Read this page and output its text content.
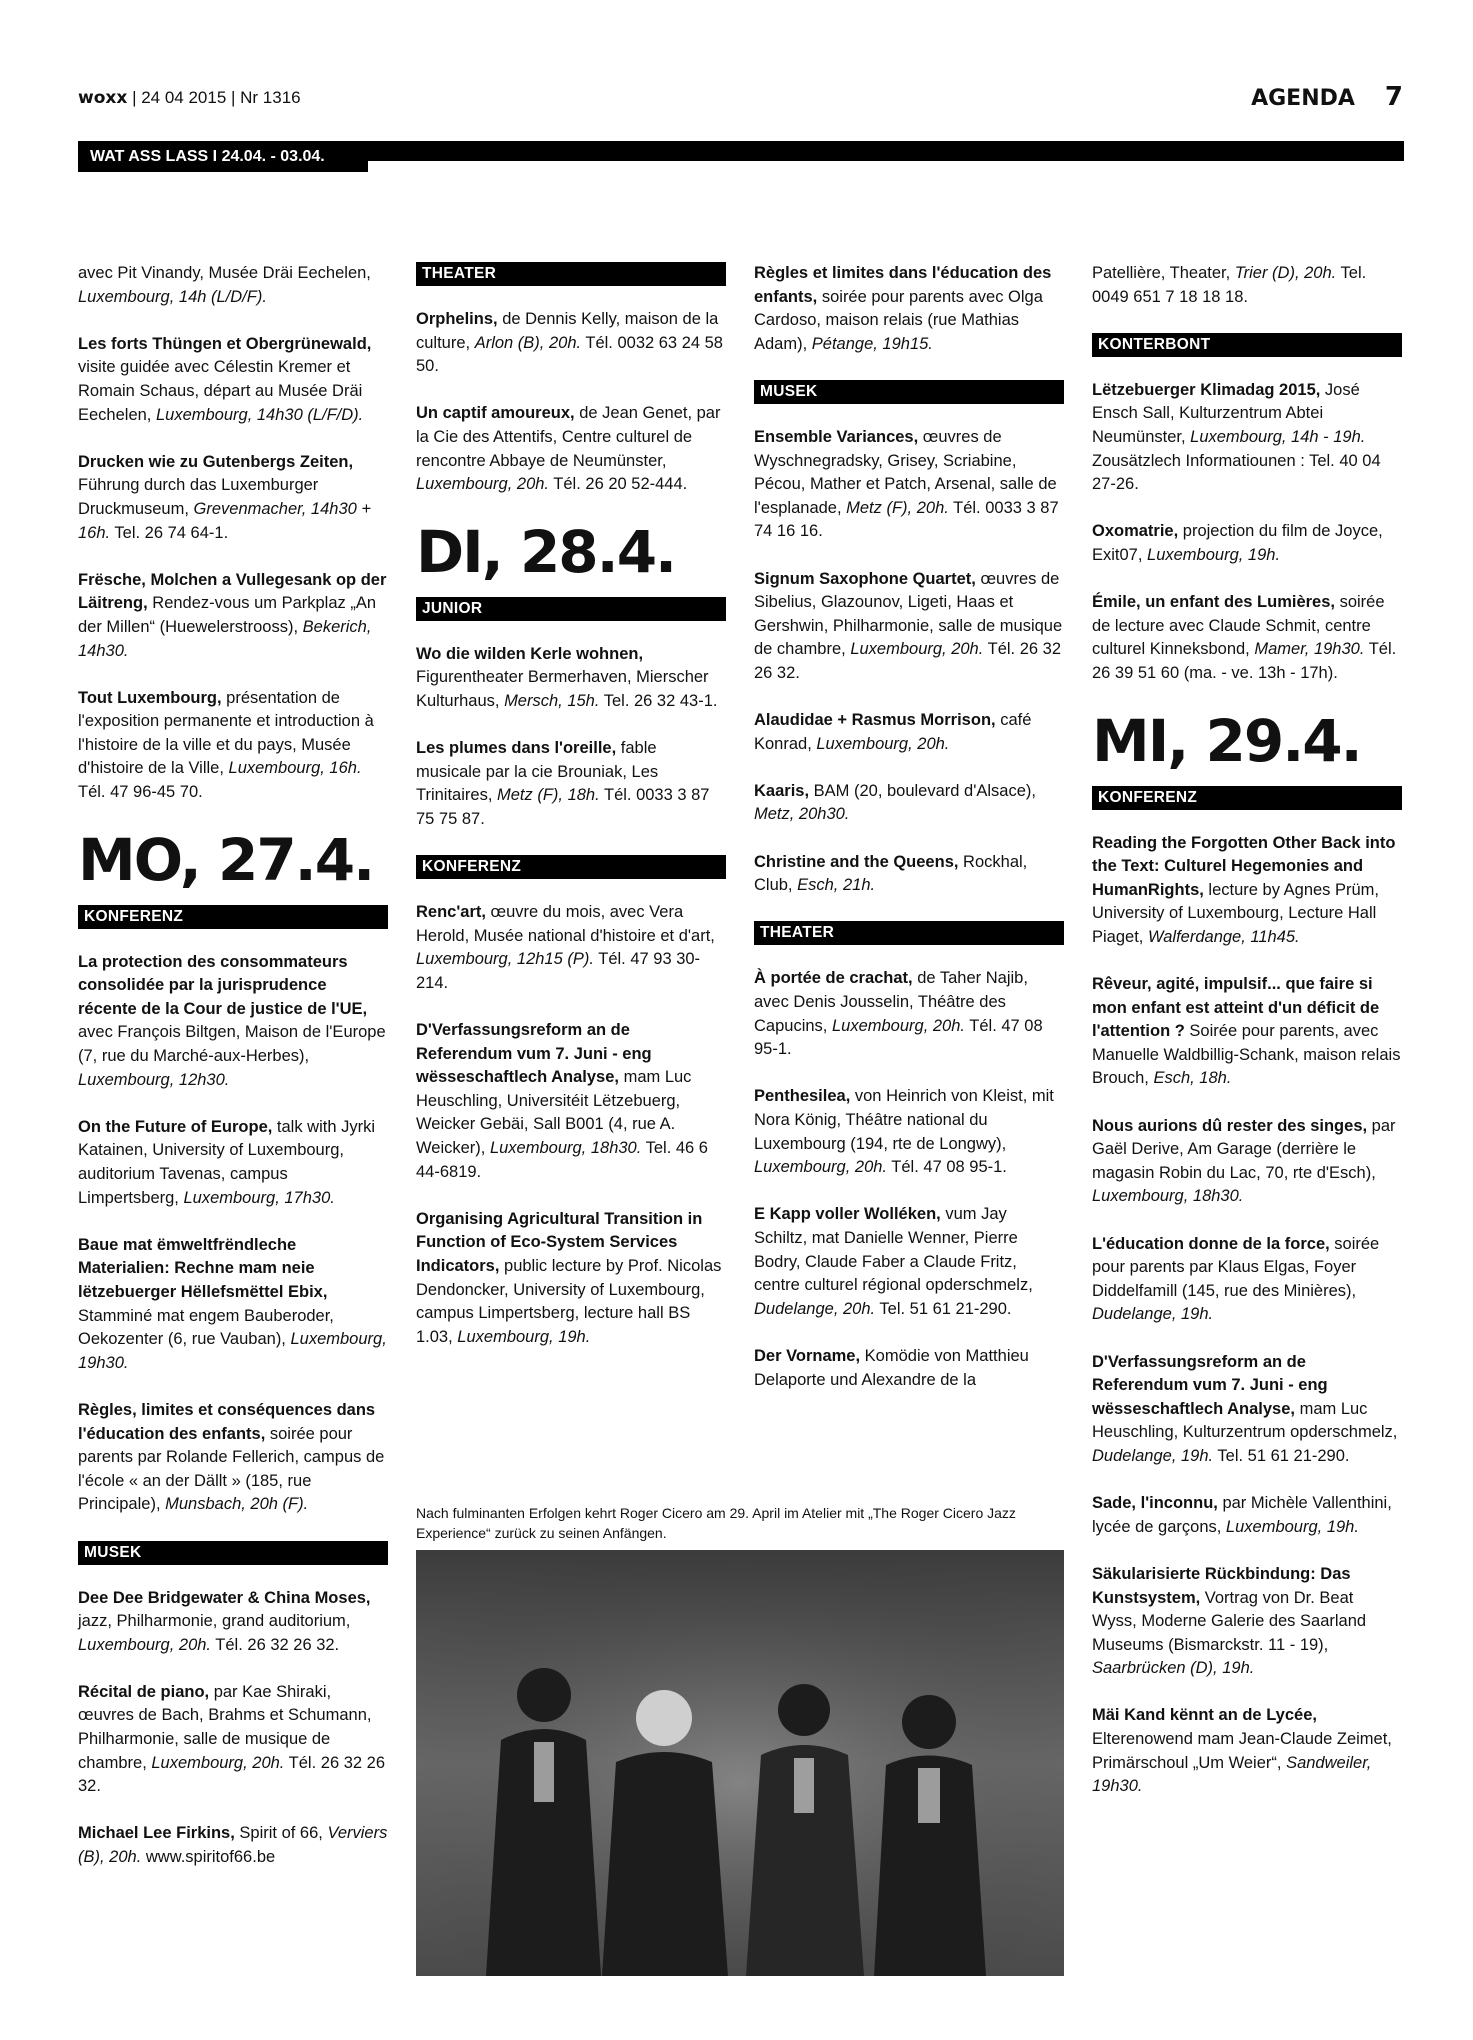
woxx | 24 04 2015 | Nr 1316	AGENDA 7
WAT ASS LASS I 24.04. - 03.04.
avec Pit Vinandy, Musée Dräi Eechelen, Luxembourg, 14h (L/D/F).
Les forts Thüngen et Obergrünewald, visite guidée avec Célestin Kremer et Romain Schaus, départ au Musée Dräi Eechelen, Luxembourg, 14h30 (L/F/D).
Drucken wie zu Gutenbergs Zeiten, Führung durch das Luxemburger Druckmuseum, Grevenmacher, 14h30 + 16h. Tel. 26 74 64-1.
Frësche, Molchen a Vullegesank op der Läitreng, Rendez-vous um Parkplaz „An der Millen“ (Huewelerstrooss), Bekerich, 14h30.
Tout Luxembourg, présentation de l'exposition permanente et introduction à l'histoire de la ville et du pays, Musée d'histoire de la Ville, Luxembourg, 16h. Tél. 47 96-45 70.
MO, 27.4.
KONFERENZ
La protection des consommateurs consolidée par la jurisprudence récente de la Cour de justice de l'UE, avec François Biltgen, Maison de l'Europe (7, rue du Marché-aux-Herbes), Luxembourg, 12h30.
On the Future of Europe, talk with Jyrki Katainen, University of Luxembourg, auditorium Tavenas, campus Limpertsberg, Luxembourg, 17h30.
Baue mat ëmweltfrëndleche Materialien: Rechne mam neie lëtzebuerger Hëllefsmëttel Ebix, Stamminé mat engem Bauberoder, Oekozenter (6, rue Vauban), Luxembourg, 19h30.
Règles, limites et conséquences dans l'éducation des enfants, soirée pour parents par Rolande Fellerich, campus de l'école « an der Dällt » (185, rue Principale), Munsbach, 20h (F).
MUSEK
Dee Dee Bridgewater & China Moses, jazz, Philharmonie, grand auditorium, Luxembourg, 20h. Tél. 26 32 26 32.
Récital de piano, par Kae Shiraki, œuvres de Bach, Brahms et Schumann, Philharmonie, salle de musique de chambre, Luxembourg, 20h. Tél. 26 32 26 32.
Michael Lee Firkins, Spirit of 66, Verviers (B), 20h. www.spiritof66.be
THEATER
Orphelins, de Dennis Kelly, maison de la culture, Arlon (B), 20h. Tél. 0032 63 24 58 50.
Un captif amoureux, de Jean Genet, par la Cie des Attentifs, Centre culturel de rencontre Abbaye de Neumünster, Luxembourg, 20h. Tél. 26 20 52-444.
DI, 28.4.
JUNIOR
Wo die wilden Kerle wohnen, Figurentheater Bermerhaven, Mierscher Kulturhaus, Mersch, 15h. Tel. 26 32 43-1.
Les plumes dans l'oreille, fable musicale par la cie Brouniak, Les Trinitaires, Metz (F), 18h. Tél. 0033 3 87 75 75 87.
KONFERENZ
Renc'art, œuvre du mois, avec Vera Herold, Musée national d'histoire et d'art, Luxembourg, 12h15 (P). Tél. 47 93 30-214.
D'Verfassungsreform an de Referendum vum 7. Juni - eng wësseschaftlech Analyse, mam Luc Heuschling, Universitéit Lëtzebuerg, Weicker Gebäi, Sall B001 (4, rue A. Weicker), Luxembourg, 18h30. Tel. 46 6 44-6819.
Organising Agricultural Transition in Function of Eco-System Services Indicators, public lecture by Prof. Nicolas Dendoncker, University of Luxembourg, campus Limpertsberg, lecture hall BS 1.03, Luxembourg, 19h.
Règles et limites dans l'éducation des enfants, soirée pour parents avec Olga Cardoso, maison relais (rue Mathias Adam), Pétange, 19h15.
MUSEK
Ensemble Variances, œuvres de Wyschnegradsky, Grisey, Scriabine, Pécou, Mather et Patch, Arsenal, salle de l'esplanade, Metz (F), 20h. Tél. 0033 3 87 74 16 16.
Signum Saxophone Quartet, œuvres de Sibelius, Glazounov, Ligeti, Haas et Gershwin, Philharmonie, salle de musique de chambre, Luxembourg, 20h. Tél. 26 32 26 32.
Alaudidae + Rasmus Morrison, café Konrad, Luxembourg, 20h.
Kaaris, BAM (20, boulevard d'Alsace), Metz, 20h30.
Christine and the Queens, Rockhal, Club, Esch, 21h.
THEATER
À portée de crachat, de Taher Najib, avec Denis Jousselin, Théâtre des Capucins, Luxembourg, 20h. Tél. 47 08 95-1.
Penthesilea, von Heinrich von Kleist, mit Nora König, Théâtre national du Luxembourg (194, rte de Longwy), Luxembourg, 20h. Tél. 47 08 95-1.
E Kapp voller Wolléken, vum Jay Schiltz, mat Danielle Wenner, Pierre Bodry, Claude Faber a Claude Fritz, centre culturel régional opderschmelz, Dudelange, 20h. Tel. 51 61 21-290.
Der Vorname, Komödie von Matthieu Delaporte und Alexandre de la
Patellière, Theater, Trier (D), 20h. Tel. 0049 651 7 18 18 18.
KONTERBONT
Lëtzebuerger Klimadag 2015, José Ensch Sall, Kulturzentrum Abtei Neumünster, Luxembourg, 14h - 19h. Zousätzlech Informatiounen : Tel. 40 04 27-26.
Oxomatrie, projection du film de Joyce, Exit07, Luxembourg, 19h.
Émile, un enfant des Lumières, soirée de lecture avec Claude Schmit, centre culturel Kinneksbond, Mamer, 19h30. Tél. 26 39 51 60 (ma. - ve. 13h - 17h).
MI, 29.4.
KONFERENZ
Reading the Forgotten Other Back into the Text: Culturel Hegemonies and HumanRights, lecture by Agnes Prüm, University of Luxembourg, Lecture Hall Piaget, Walferdange, 11h45.
Rêveur, agité, impulsif... que faire si mon enfant est atteint d'un déficit de l'attention ? Soirée pour parents, avec Manuelle Waldbillig-Schank, maison relais Brouch, Esch, 18h.
Nous aurions dû rester des singes, par Gaël Derive, Am Garage (derrière le magasin Robin du Lac, 70, rte d'Esch), Luxembourg, 18h30.
L'éducation donne de la force, soirée pour parents par Klaus Elgas, Foyer Diddelfamill (145, rue des Minières), Dudelange, 19h.
D'Verfassungsreform an de Referendum vum 7. Juni - eng wësseschaftlech Analyse, mam Luc Heuschling, Kulturzentrum opderschmelz, Dudelange, 19h. Tel. 51 61 21-290.
Sade, l'inconnu, par Michèle Vallenthini, lycée de garçons, Luxembourg, 19h.
Säkularisierte Rückbindung: Das Kunstsystem, Vortrag von Dr. Beat Wyss, Moderne Galerie des Saarland Museums (Bismarckstr. 11 - 19), Saarbrücken (D), 19h.
Mäi Kand kënnt an de Lycée, Elterenowend mam Jean-Claude Zeimet, Primärschoul „Um Weier“, Sandweiler, 19h30.
Nach fulminanten Erfolgen kehrt Roger Cicero am 29. April im Atelier mit „The Roger Cicero Jazz Experience“ zurück zu seinen Anfängen.
